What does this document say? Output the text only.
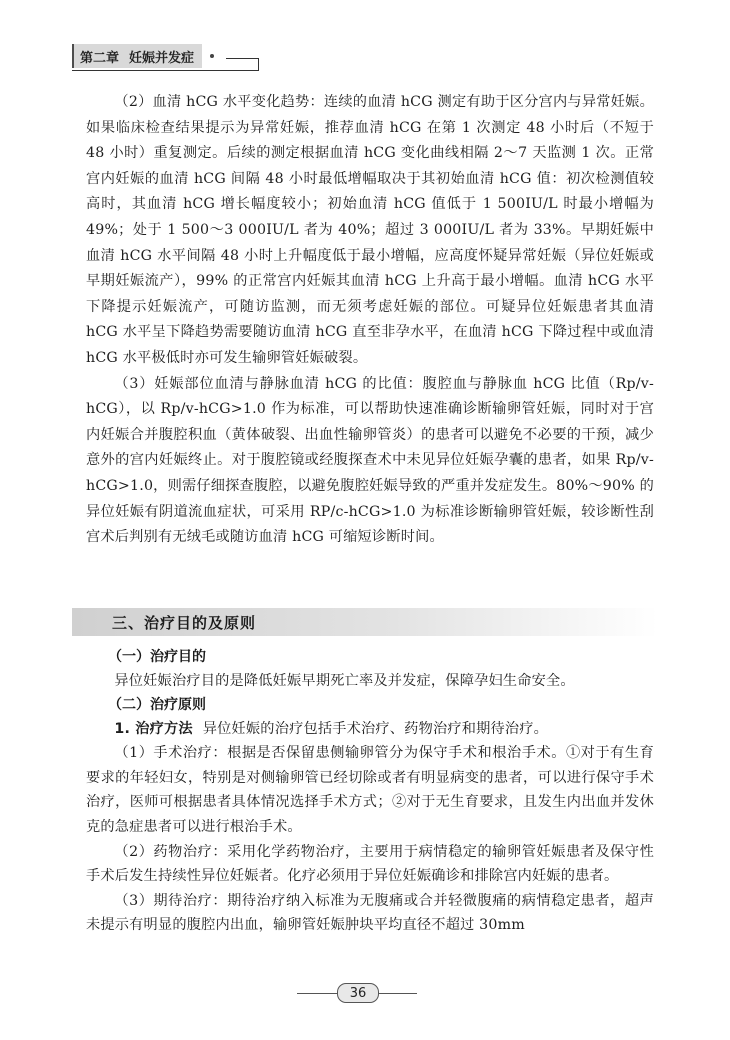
第二章 妊娠并发症

（2）血清 hCG 水平变化趋势：连续的血清 hCG 测定有助于区分宫内与异常妊娠。如果临床检查结果提示为异常妊娠，推荐血清 hCG 在第 1 次测定 48 小时后（不短于 48 小时）重复测定。后续的测定根据血清 hCG 变化曲线相隔 2～7 天监测 1 次。正常宫内妊娠的血清 hCG 间隔 48 小时最低增幅取决于其初始血清 hCG 值：初次检测值较高时，其血清 hCG 增长幅度较小；初始血清 hCG 值低于 1 500IU/L 时最小增幅为 49%；处于 1 500～3 000IU/L 者为 40%；超过 3 000IU/L 者为 33%。早期妊娠中血清 hCG 水平间隔 48 小时上升幅度低于最小增幅，应高度怀疑异常妊娠（异位妊娠或早期妊娠流产），99% 的正常宫内妊娠其血清 hCG 上升高于最小增幅。血清 hCG 水平下降提示妊娠流产，可随访监测，而无须考虑妊娠的部位。可疑异位妊娠患者其血清 hCG 水平呈下降趋势需要随访血清 hCG 直至非孕水平，在血清 hCG 下降过程中或血清 hCG 水平极低时亦可发生输卵管妊娠破裂。

（3）妊娠部位血清与静脉血清 hCG 的比值：腹腔血与静脉血 hCG 比值（Rp/v-hCG），以 Rp/v-hCG>1.0 作为标准，可以帮助快速准确诊断输卵管妊娠，同时对于宫内妊娠合并腹腔积血（黄体破裂、出血性输卵管炎）的患者可以避免不必要的干预，减少意外的宫内妊娠终止。对于腹腔镜或经腹探查术中未见异位妊娠孕囊的患者，如果 Rp/v-hCG>1.0，则需仔细探查腹腔，以避免腹腔妊娠导致的严重并发症发生。80%～90% 的异位妊娠有阴道流血症状，可采用 RP/c-hCG>1.0 为标准诊断输卵管妊娠，较诊断性刮宫术后判别有无绒毛或随访血清 hCG 可缩短诊断时间。

三、治疗目的及原则

（一）治疗目的

异位妊娠治疗目的是降低妊娠早期死亡率及并发症，保障孕妇生命安全。

（二）治疗原则

1. 治疗方法 异位妊娠的治疗包括手术治疗、药物治疗和期待治疗。

（1）手术治疗：根据是否保留患侧输卵管分为保守手术和根治手术。①对于有生育要求的年轻妇女，特别是对侧输卵管已经切除或者有明显病变的患者，可以进行保守手术治疗，医师可根据患者具体情况选择手术方式；②对于无生育要求，且发生内出血并发休克的急症患者可以进行根治手术。

（2）药物治疗：采用化学药物治疗，主要用于病情稳定的输卵管妊娠患者及保守性手术后发生持续性异位妊娠者。化疗必须用于异位妊娠确诊和排除宫内妊娠的患者。

（3）期待治疗：期待治疗纳入标准为无腹痛或合并轻微腹痛的病情稳定患者，超声未提示有明显的腹腔内出血，输卵管妊娠肿块平均直径不超过 30mm

36
